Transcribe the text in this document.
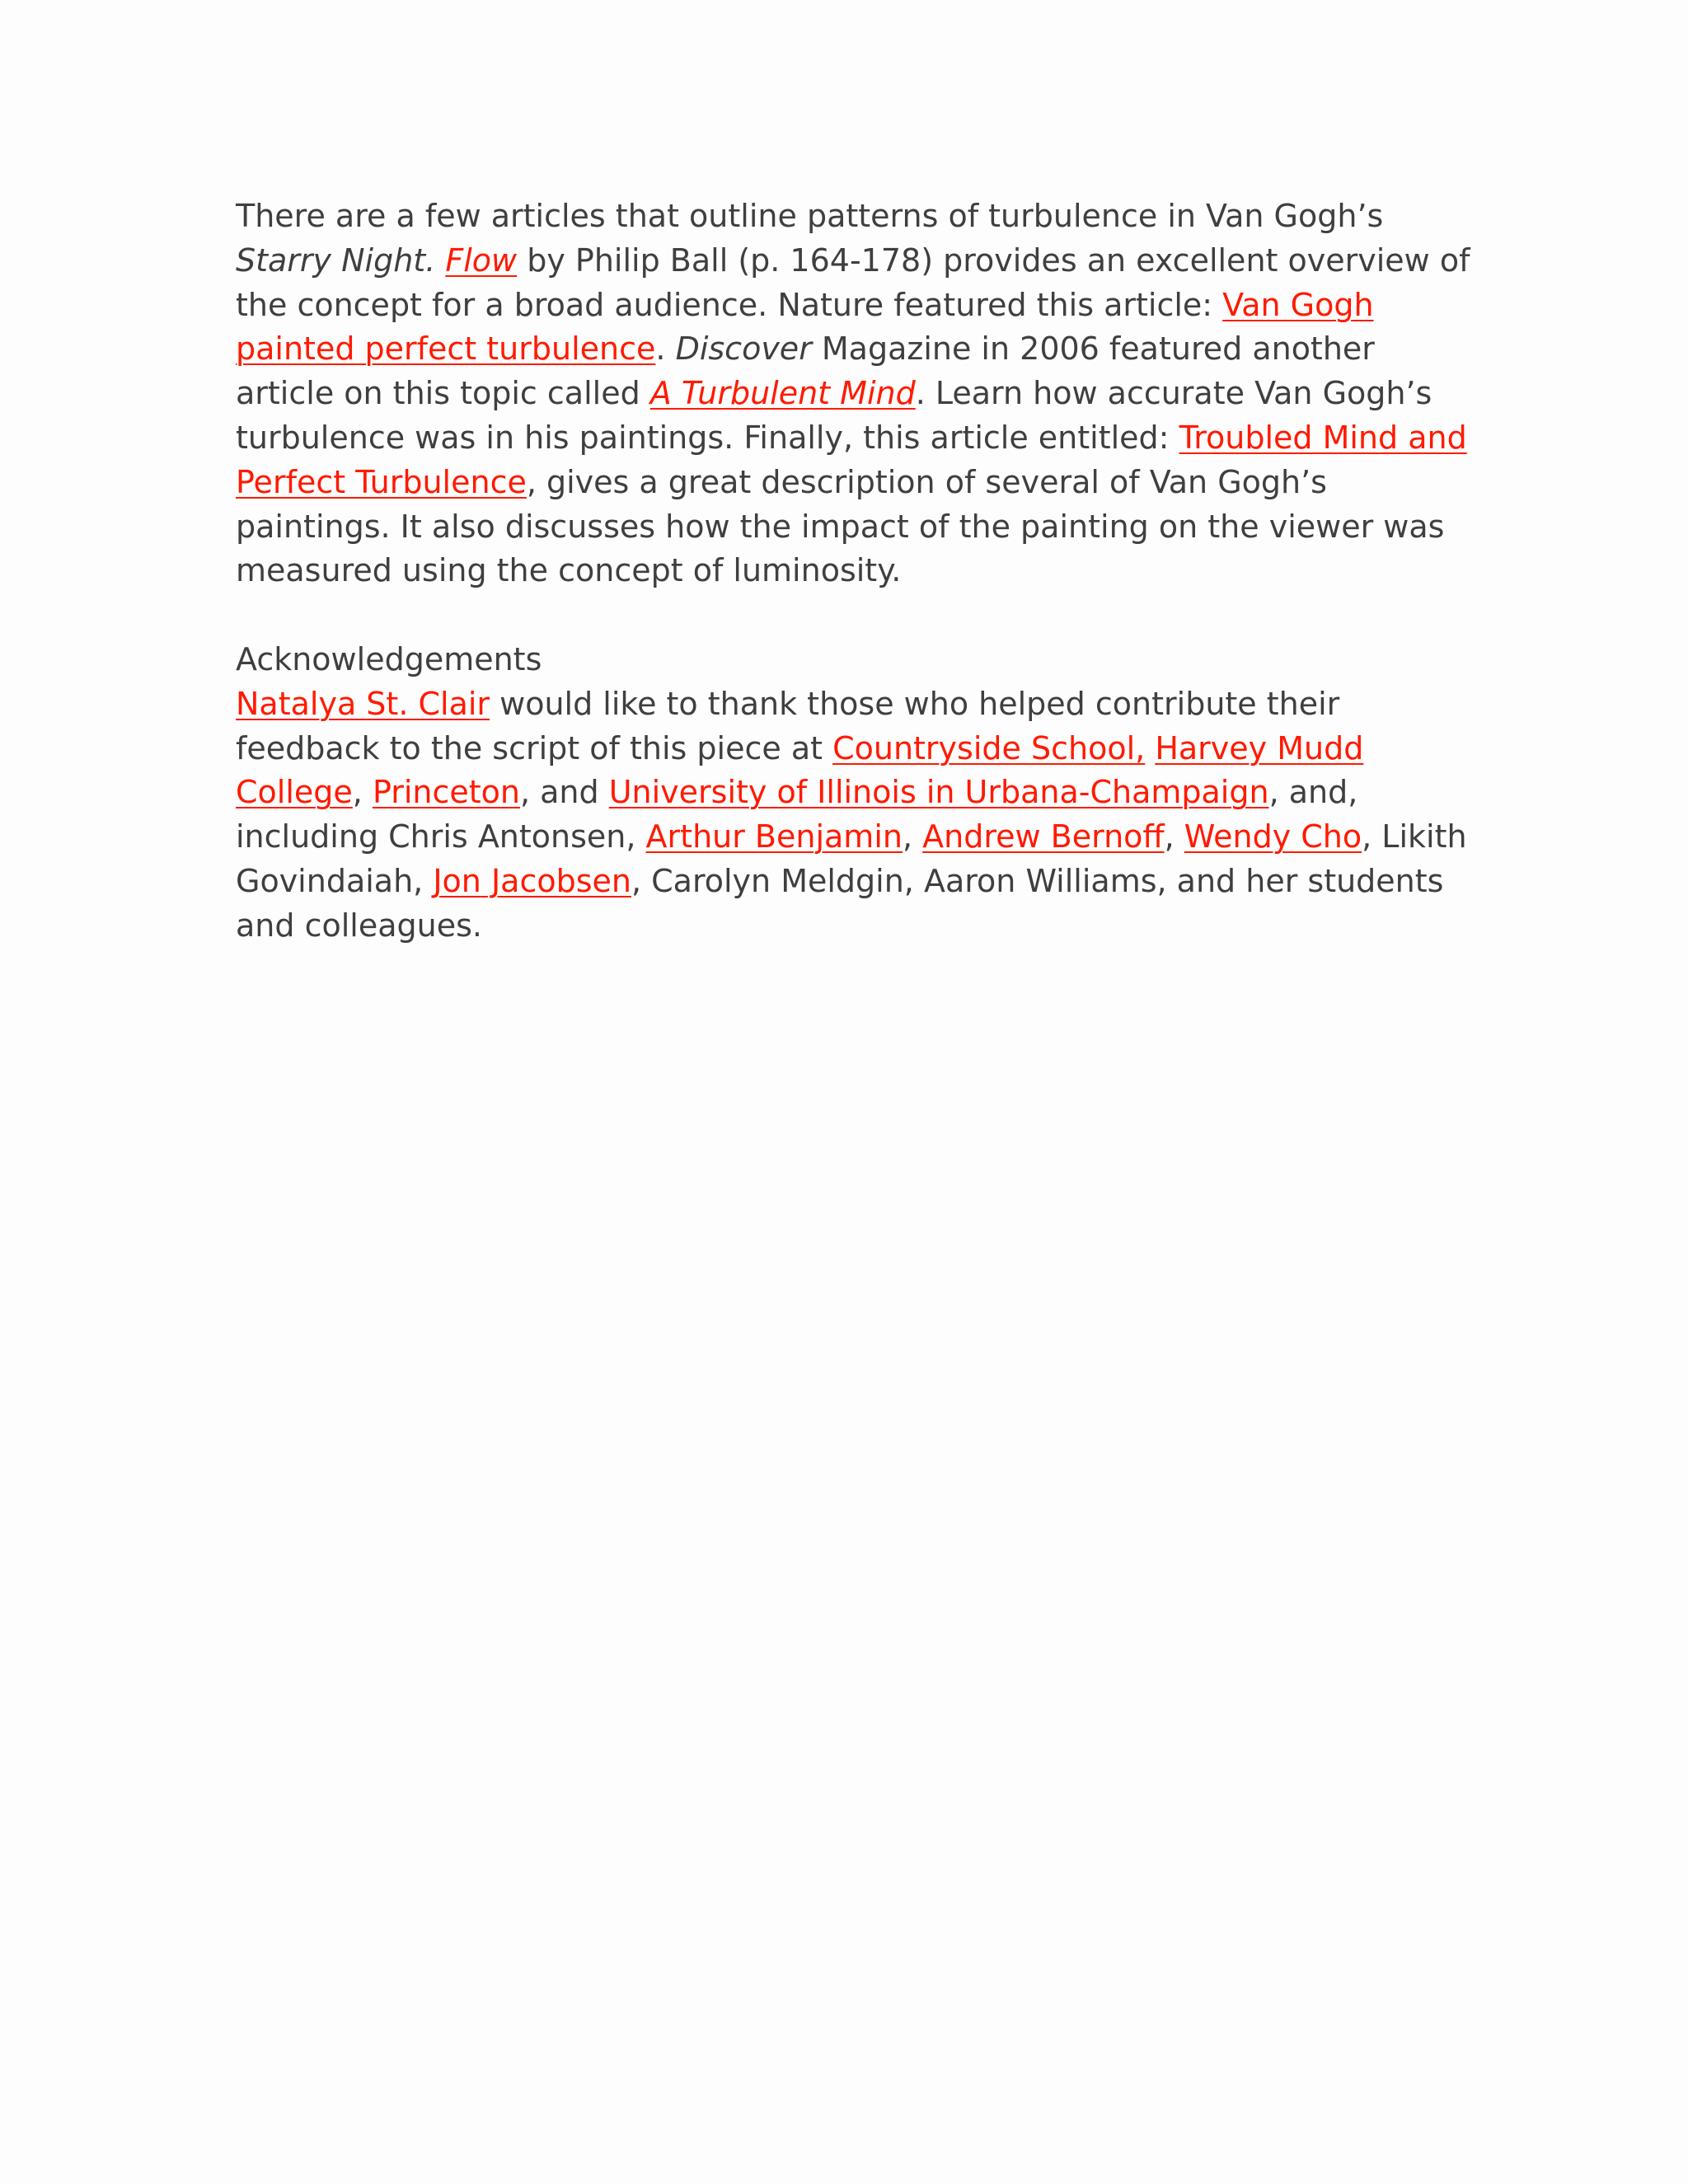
There are a few articles that outline patterns of turbulence in Van Gogh’s Starry Night. Flow by Philip Ball (p. 164-178) provides an excellent overview of the concept for a broad audience. Nature featured this article: Van Gogh painted perfect turbulence. Discover Magazine in 2006 featured another article on this topic called A Turbulent Mind. Learn how accurate Van Gogh’s turbulence was in his paintings. Finally, this article entitled: Troubled Mind and Perfect Turbulence, gives a great description of several of Van Gogh’s paintings. It also discusses how the impact of the painting on the viewer was measured using the concept of luminosity.

Acknowledgements

Natalya St. Clair would like to thank those who helped contribute their feedback to the script of this piece at Countryside School, Harvey Mudd College, Princeton, and University of Illinois in Urbana-Champaign, and, including Chris Antonsen, Arthur Benjamin, Andrew Bernoff, Wendy Cho, Likith Govindaiah, Jon Jacobsen, Carolyn Meldgin, Aaron Williams, and her students and colleagues.
